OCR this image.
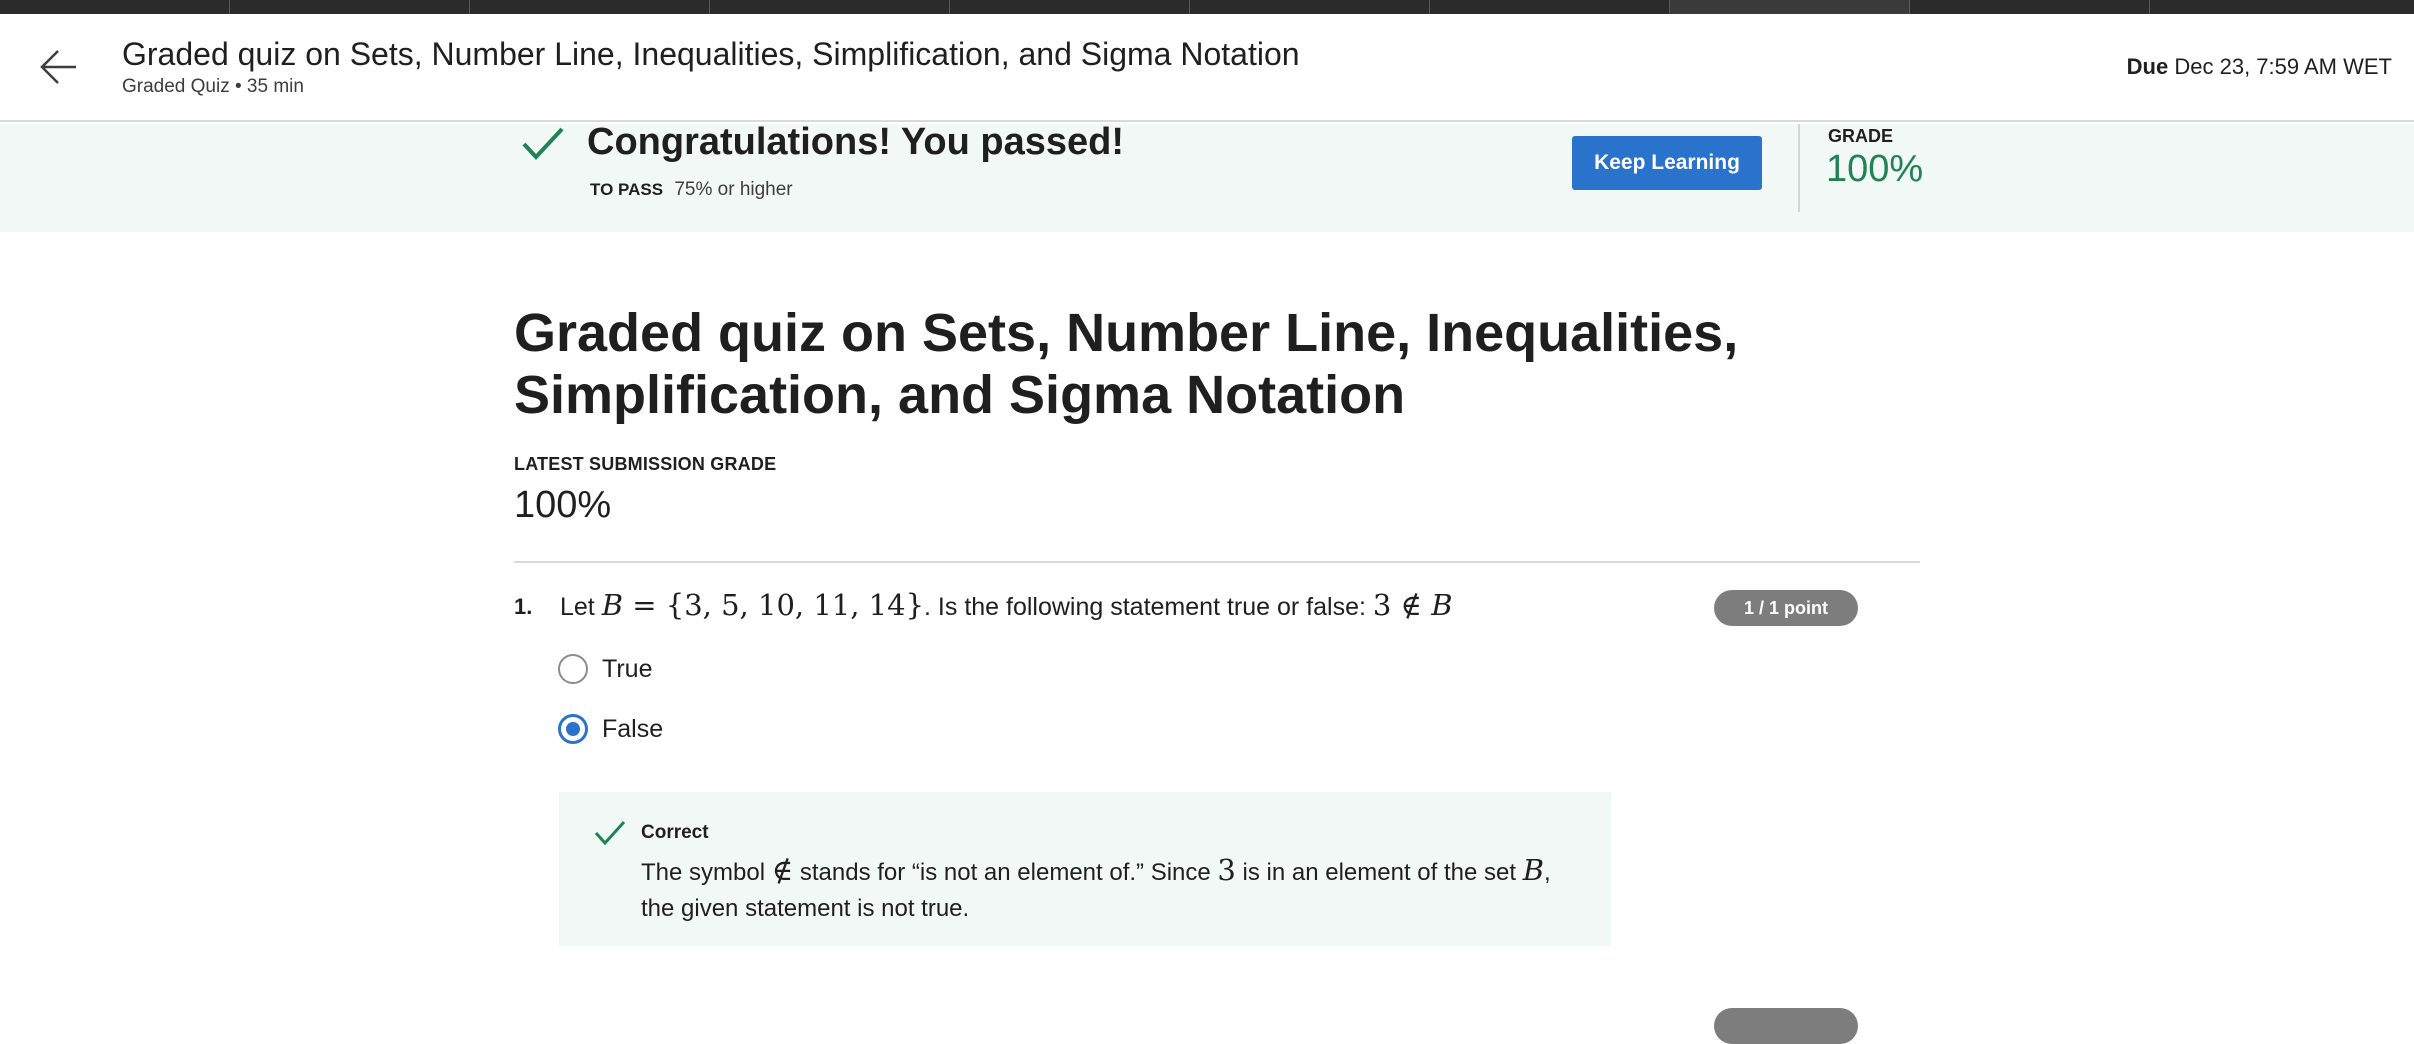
Graded quiz on Sets, Number Line, Inequalities, Simplification, and Sigma Notation
Graded Quiz • 35 min
Due Dec 23, 7:59 AM WET
Congratulations! You passed!
TO PASS 75% or higher
Keep Learning
GRADE
100%
Graded quiz on Sets, Number Line, Inequalities, Simplification, and Sigma Notation
LATEST SUBMISSION GRADE
100%
1. Let B = {3, 5, 10, 11, 14}. Is the following statement true or false: 3 ∉ B	1 / 1 point
True
False
Correct
The symbol ∉ stands for “is not an element of.” Since 3 is in an element of the set B, the given statement is not true.
